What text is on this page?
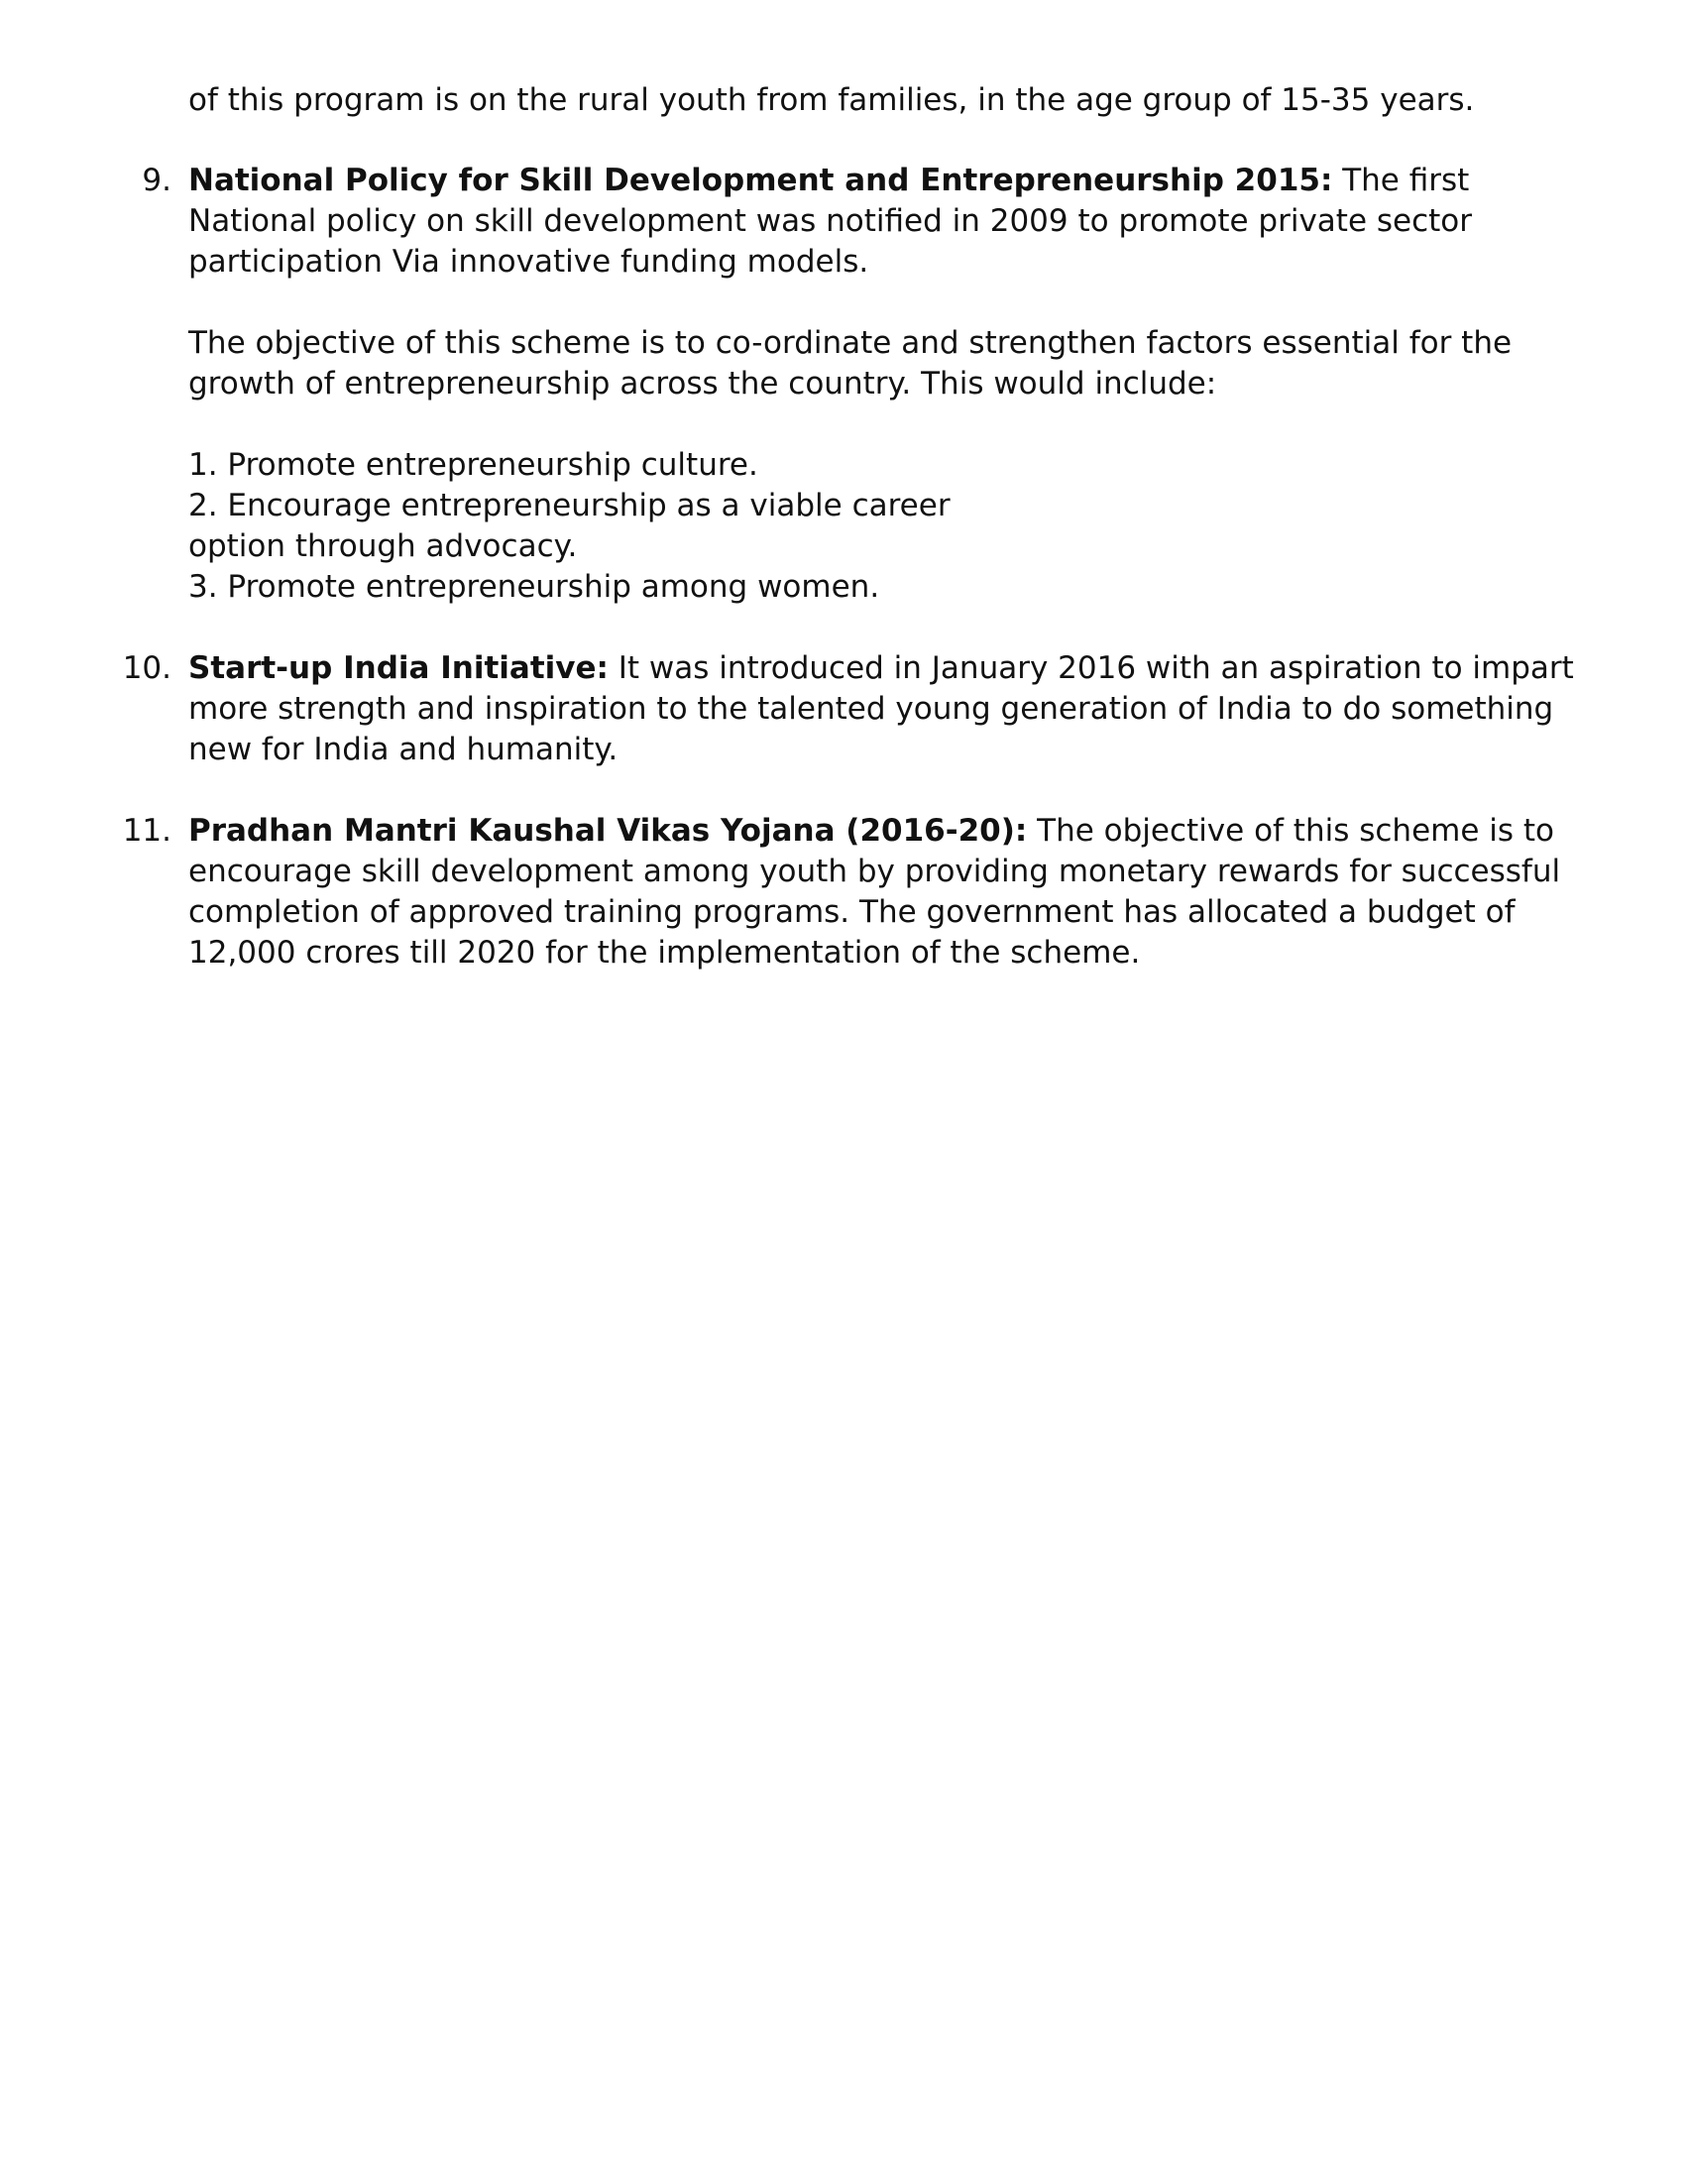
of this program is on the rural youth from families, in the age group of 15-35 years.
9. National Policy for Skill Development and Entrepreneurship 2015: The first National policy on skill development was notified in 2009 to promote private sector participation Via innovative funding models.
The objective of this scheme is to co-ordinate and strengthen factors essential for the growth of entrepreneurship across the country. This would include:
1. Promote entrepreneurship culture.
2. Encourage entrepreneurship as a viable career
option through advocacy.
3. Promote entrepreneurship among women.
10. Start-up India Initiative: It was introduced in January 2016 with an aspiration to impart more strength and inspiration to the talented young generation of India to do something new for India and humanity.
11. Pradhan Mantri Kaushal Vikas Yojana (2016-20): The objective of this scheme is to encourage skill development among youth by providing monetary rewards for successful completion of approved training programs. The government has allocated a budget of 12,000 crores till 2020 for the implementation of the scheme.
